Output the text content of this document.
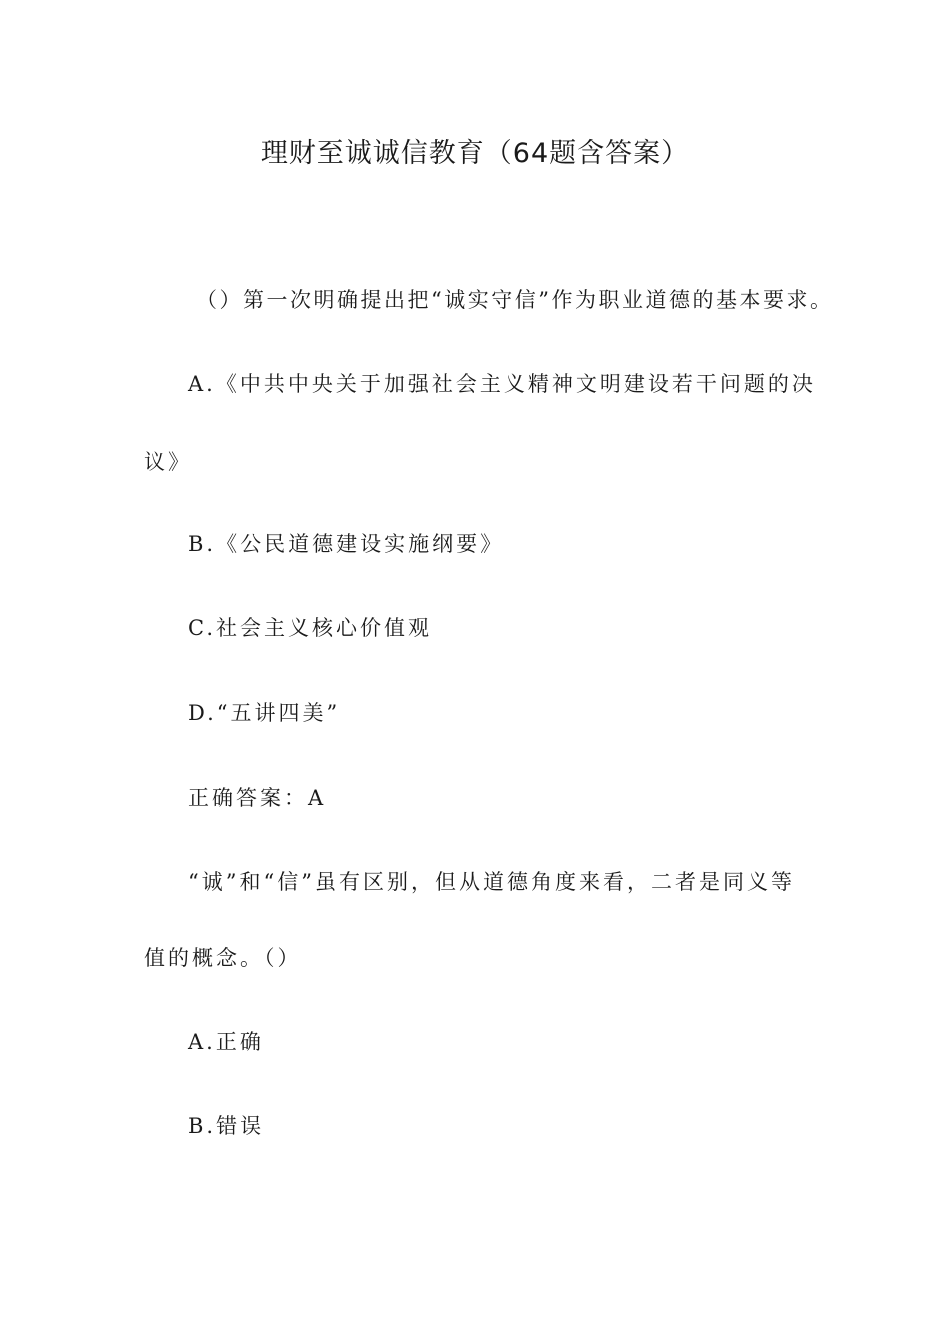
理财至诚诚信教育（64题含答案）

（）第一次明确提出把“诚实守信”作为职业道德的基本要求。

A.《中共中央关于加强社会主义精神文明建设若干问题的决

议》

B.《公民道德建设实施纲要》

C.社会主义核心价值观

D.“五讲四美”

正确答案：A

“诚”和“信”虽有区别，但从道德角度来看，二者是同义等

值的概念。（）

A.正确

B.错误
